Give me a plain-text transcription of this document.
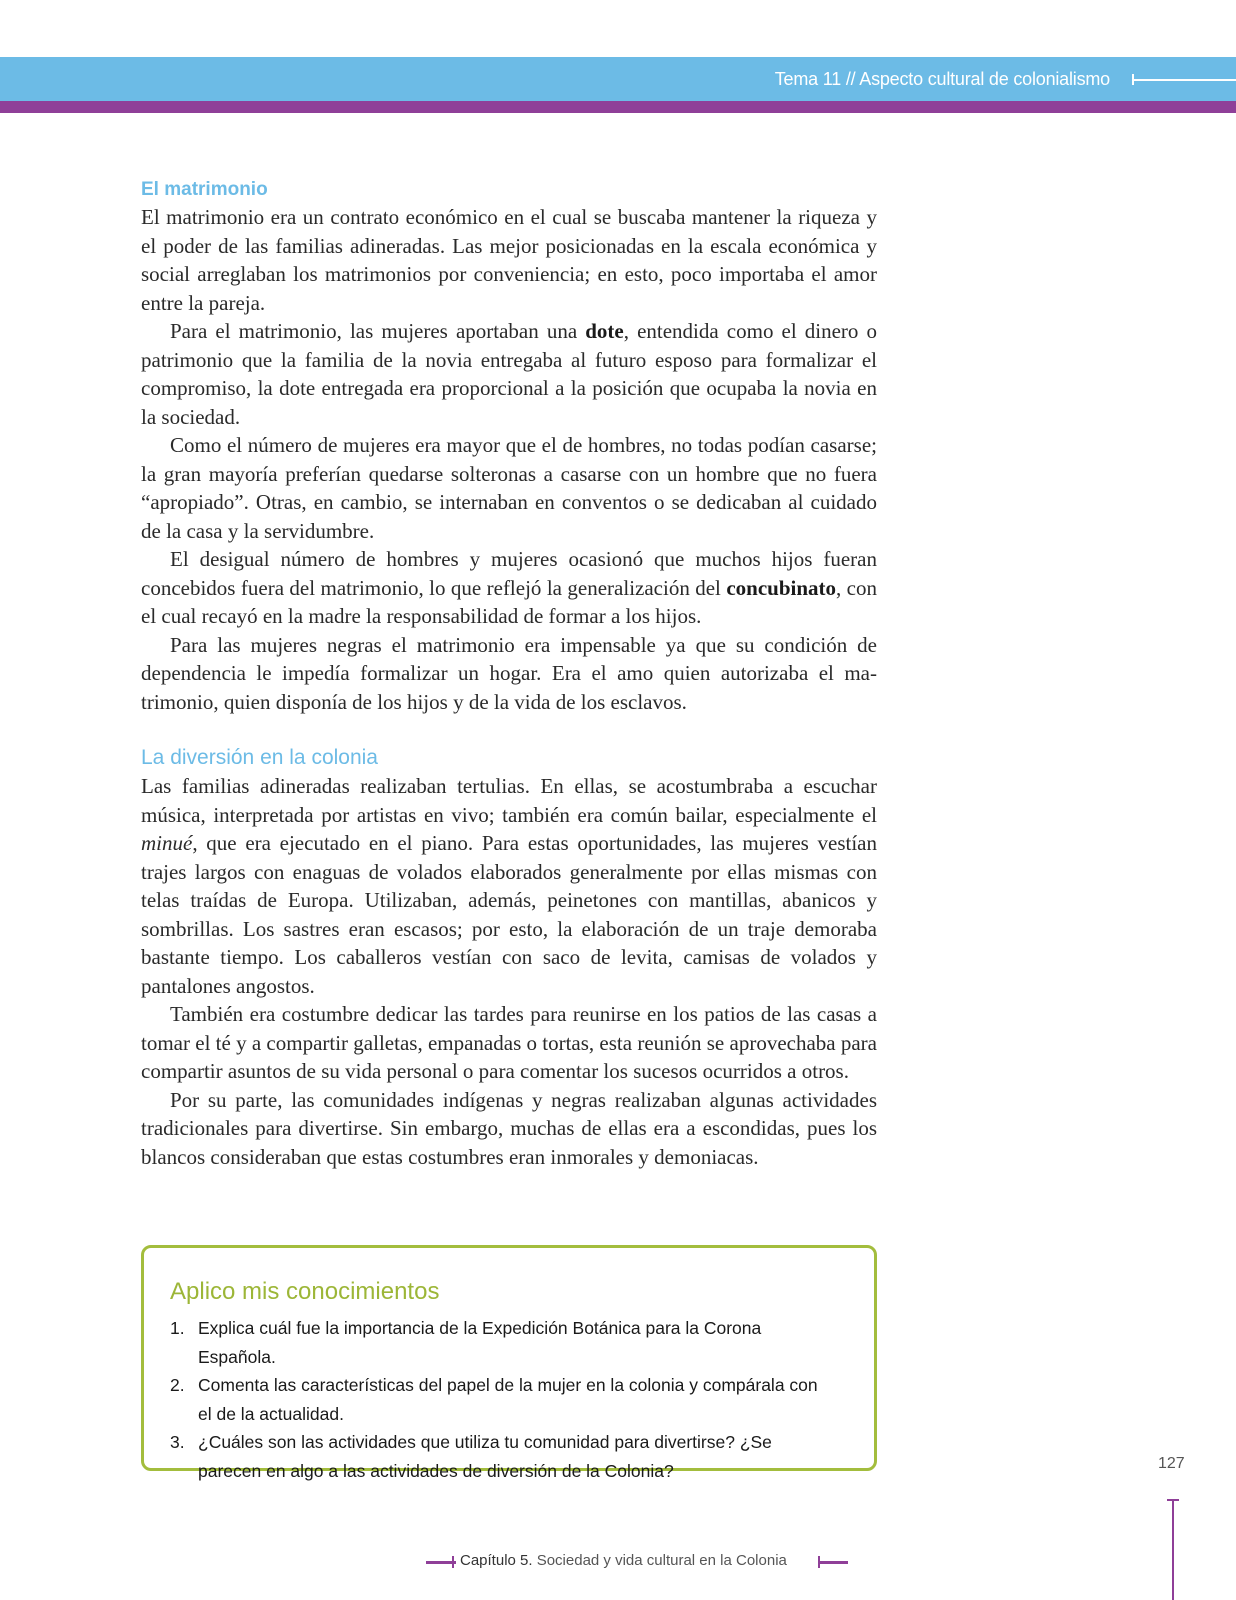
Tema 11 // Aspecto cultural de colonialismo
El matrimonio

El matrimonio era un contrato económico en el cual se buscaba mantener la riqueza y el poder de las familias adineradas. Las mejor posicionadas en la escala económica y social arreglaban los matrimonios por conveniencia; en esto, poco importaba el amor entre la pareja.

Para el matrimonio, las mujeres aportaban una dote, entendida como el dinero o patrimonio que la familia de la novia entregaba al futuro esposo para formalizar el compromiso, la dote entregada era proporcional a la posición que ocupaba la novia en la sociedad.

Como el número de mujeres era mayor que el de hombres, no todas podían casarse; la gran mayoría preferían quedarse solteronas a casarse con un hombre que no fuera “apropiado”. Otras, en cambio, se internaban en conventos o se dedicaban al cuidado de la casa y la servidumbre.

El desigual número de hombres y mujeres ocasionó que muchos hijos fueran concebidos fuera del matrimonio, lo que reflejó la generalización del concubinato, con el cual recayó en la madre la responsabilidad de formar a los hijos.

Para las mujeres negras el matrimonio era impensable ya que su condición de dependencia le impedía formalizar un hogar. Era el amo quien autorizaba el matrimonio, quien disponía de los hijos y de la vida de los esclavos.

La diversión en la colonia

Las familias adineradas realizaban tertulias. En ellas, se acostumbraba a escuchar música, interpretada por artistas en vivo; también era común bailar, especialmente el minué, que era ejecutado en el piano. Para estas oportunidades, las mujeres vestían trajes largos con enaguas de volados elaborados generalmente por ellas mismas con telas traídas de Europa. Utilizaban, además, peinetones con mantillas, abanicos y sombrillas. Los sastres eran escasos; por esto, la elaboración de un traje demoraba bastante tiempo. Los caballeros vestían con saco de levita, camisas de volados y pantalones angostos.

También era costumbre dedicar las tardes para reunirse en los patios de las casas a tomar el té y a compartir galletas, empanadas o tortas, esta reunión se aprovechaba para compartir asuntos de su vida personal o para comentar los sucesos ocurridos a otros.

Por su parte, las comunidades indígenas y negras realizaban algunas actividades tradicionales para divertirse. Sin embargo, muchas de ellas era a escondidas, pues los blancos consideraban que estas costumbres eran inmorales y demoniacas.

Aplico mis conocimientos
1. Explica cuál fue la importancia de la Expedición Botánica para la Corona Española.
2. Comenta las características del papel de la mujer en la colonia y compárala con el de la actualidad.
3. ¿Cuáles son las actividades que utiliza tu comunidad para divertirse? ¿Se parecen en algo a las actividades de diversión de la Colonia?	127
Capítulo 5. Sociedad y vida cultural en la Colonia
